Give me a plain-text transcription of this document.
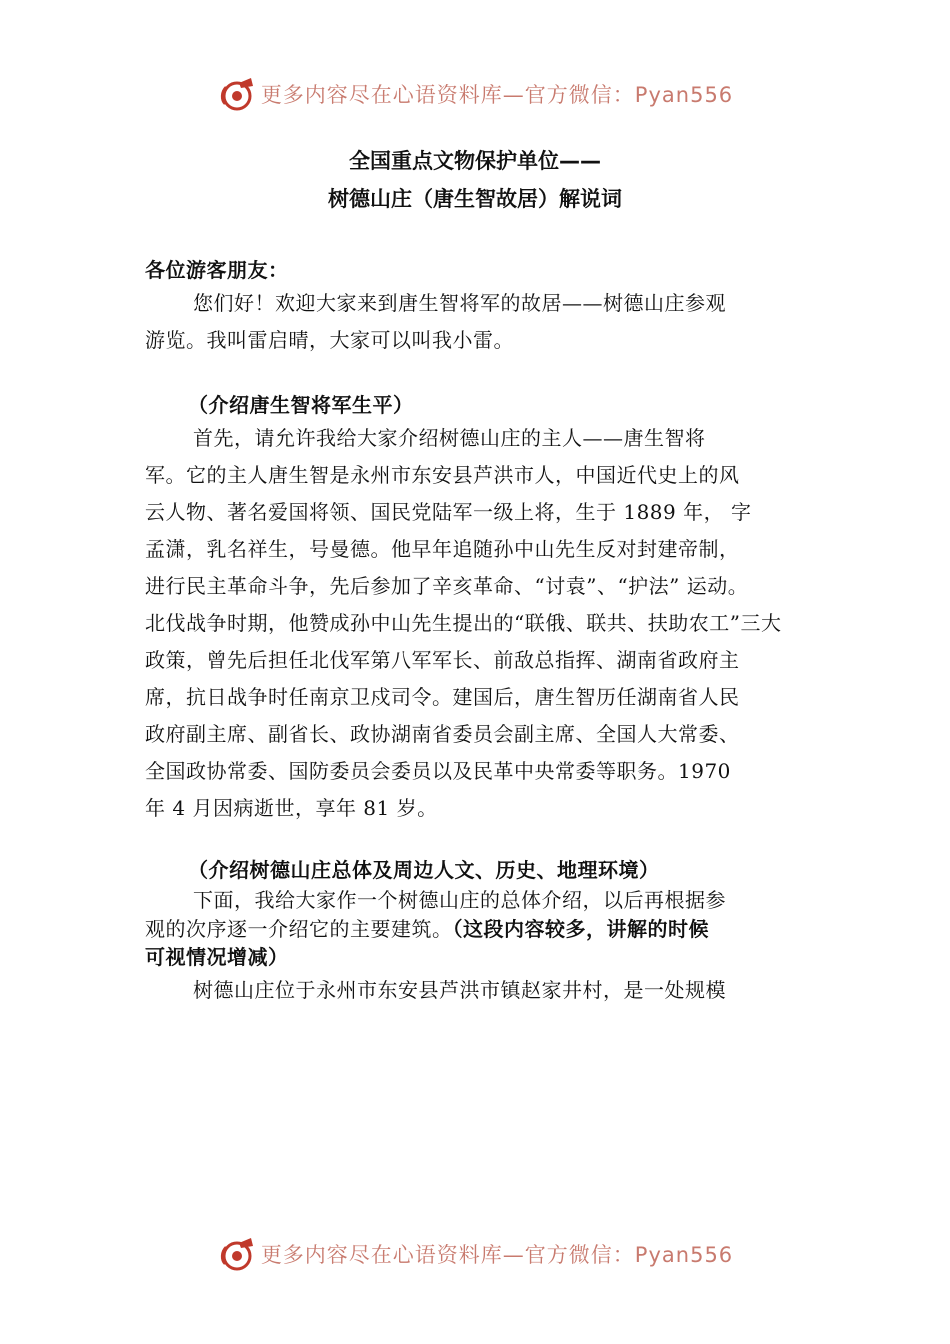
更多内容尽在心语资料库—官方微信：Pyan556
全国重点文物保护单位——
树德山庄（唐生智故居）解说词
各位游客朋友：
您们好！欢迎大家来到唐生智将军的故居——树德山庄参观
游览。我叫雷启晴，大家可以叫我小雷。
（介绍唐生智将军生平）
首先，请允许我给大家介绍树德山庄的主人——唐生智将
军。它的主人唐生智是永州市东安县芦洪市人，中国近代史上的风
云人物、著名爱国将领、国民党陆军一级上将，生于 1889 年， 字
孟潇，乳名祥生，号曼德。他早年追随孙中山先生反对封建帝制，
进行民主革命斗争，先后参加了辛亥革命、“讨袁”、“护法” 运动。
北伐战争时期，他赞成孙中山先生提出的“联俄、联共、扶助农工”三大
政策，曾先后担任北伐军第八军军长、前敌总指挥、湖南省政府主
席，抗日战争时任南京卫戍司令。建国后，唐生智历任湖南省人民
政府副主席、副省长、政协湖南省委员会副主席、全国人大常委、
全国政协常委、国防委员会委员以及民革中央常委等职务。1970
年 4 月因病逝世，享年 81 岁。
（介绍树德山庄总体及周边人文、历史、地理环境）
下面，我给大家作一个树德山庄的总体介绍，以后再根据参
观的次序逐一介绍它的主要建筑。（这段内容较多，讲解的时候
可视情况增减）
树德山庄位于永州市东安县芦洪市镇赵家井村，是一处规模
更多内容尽在心语资料库—官方微信：Pyan556
